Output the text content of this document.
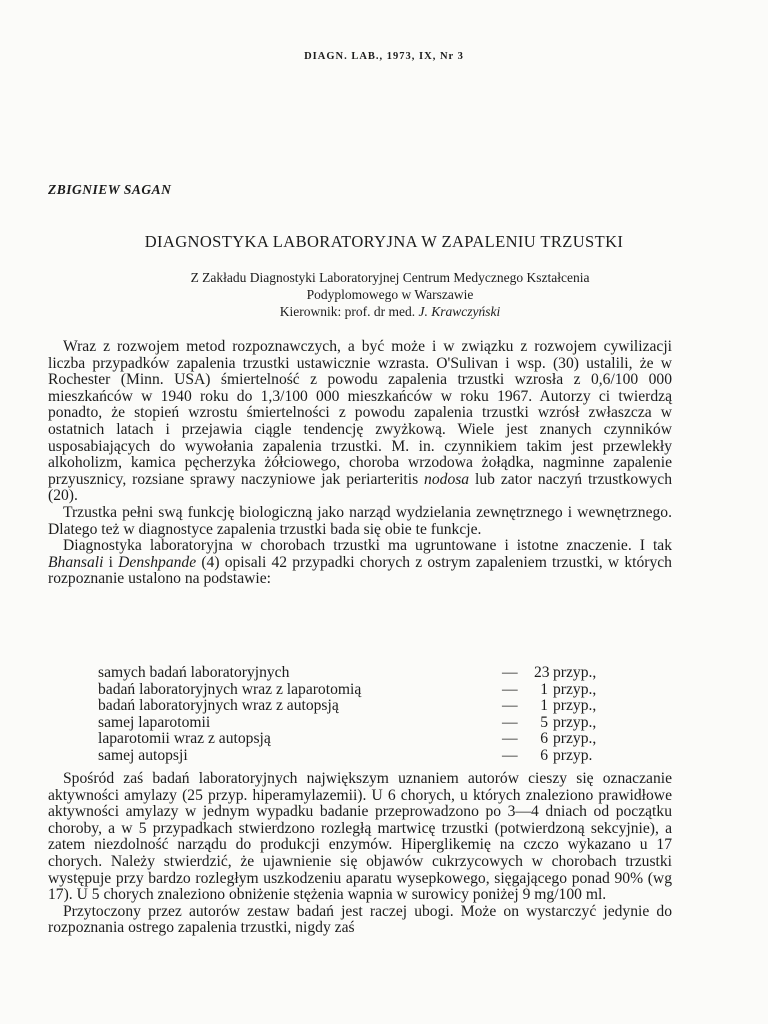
DIAGN. LAB., 1973, IX, Nr 3
ZBIGNIEW SAGAN
DIAGNOSTYKA LABORATORYJNA W ZAPALENIU TRZUSTKI
Z Zakładu Diagnostyki Laboratoryjnej Centrum Medycznego Kształcenia
Podyplomowego w Warszawie
Kierownik: prof. dr med. J. Krawczyński

Wraz z rozwojem metod rozpoznawczych, a być może i w związku z rozwojem cywilizacji liczba przypadków zapalenia trzustki ustawicznie wzrasta. O'Sulivan i wsp. (30) ustalili, że w Rochester (Minn. USA) śmiertelność z powodu zapalenia trzustki wzrosła z 0,6/100 000 mieszkańców w 1940 roku do 1,3/100 000 mieszkańców w roku 1967. Autorzy ci twierdzą ponadto, że stopień wzrostu śmiertelności z powodu zapalenia trzustki wzrósł zwłaszcza w ostatnich latach i przejawia ciągle tendencję zwyżkową. Wiele jest znanych czynników usposabiających do wywołania zapalenia trzustki. M. in. czynnikiem takim jest przewlekły alkoholizm, kamica pęcherzyka żółciowego, choroba wrzodowa żołądka, nagminne zapalenie przyusznicy, rozsiane sprawy naczyniowe jak periarteritis nodosa lub zator naczyń trzustkowych (20).

Trzustka pełni swą funkcję biologiczną jako narząd wydzielania zewnętrznego i wewnętrznego. Dlatego też w diagnostyce zapalenia trzustki bada się obie te funkcje.

Diagnostyka laboratoryjna w chorobach trzustki ma ugruntowane i istotne znaczenie. I tak Bhansali i Denshpande (4) opisali 42 przypadki chorych z ostrym zapaleniem trzustki, w których rozpoznanie ustalono na podstawie:

samych badań laboratoryjnych	— 23 przyp.,
badań laboratoryjnych wraz z laparotomią	—	1 przyp.,
badań laboratoryjnych wraz z autopsją	—	1 przyp.,
samej laparotomii	—	5 przyp.,
laparotomii wraz z autopsją	—	6 przyp.,
samej autopsji	—	6 przyp.

Spośród zaś badań laboratoryjnych największym uznaniem autorów cieszy się oznaczanie aktywności amylazy (25 przyp. hiperamylazemii). U 6 chorych, u których znaleziono prawidłowe aktywności amylazy w jednym wypadku badanie przeprowadzono po 3—4 dniach od początku choroby, a w 5 przypadkach stwierdzono rozległą martwicę trzustki (potwierdzoną sekcyjnie), a zatem niezdolność narządu do produkcji enzymów. Hiperglikemię na czczo wykazano u 17 chorych. Należy stwierdzić, że ujawnienie się objawów cukrzycowych w chorobach trzustki występuje przy bardzo rozległym uszkodzeniu aparatu wysepkowego, sięgającego ponad 90% (wg 17). U 5 chorych znaleziono obniżenie stężenia wapnia w surowicy poniżej 9 mg/100 ml.

Przytoczony przez autorów zestaw badań jest raczej ubogi. Może on wystarczyć jedynie do rozpoznania ostrego zapalenia trzustki, nigdy zaś
